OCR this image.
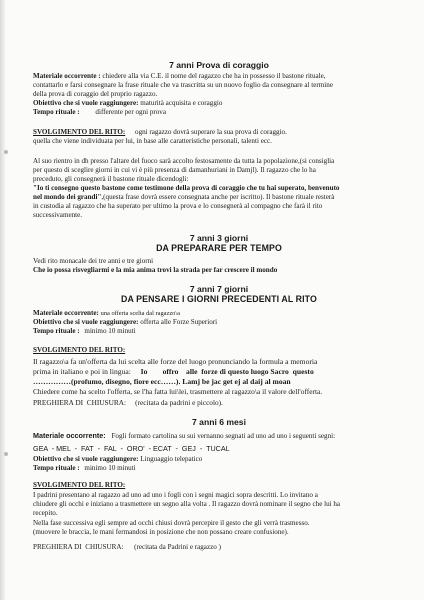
7 anni Prova di coraggio
Materiale occorrente : chiedere alla via C.E. il nome del ragazzo che ha in possesso il bastone rituale,
contattarlo e farsi consegnare la frase rituale che va trascritta su un nuovo foglio da consegnare al termine
della prova di coraggio del proprio ragazzo.
Obiettivo che si vuole raggiungere: maturità acquisita e coraggio
Tempo rituale : differente per ogni prova
SVOLGIMENTO DEL RITO: ogni ragazzo dovrà superare la sua prova di coraggio.
quella che viene individuata per lui, in base alle caratteristiche personali, talenti ecc.
Al suo rientro in dh presso l'altare del fuoco sarà accolto festosamente da tutta la popolazione,(si consiglia
per questo di sceglire giorni in cui vi è più presenza di damanhuriani in Damjl). Il ragazzo che lo ha
preceduto, gli consegnerà il bastone rituale dicendogli:
"Io ti consegno questo bastone come testimone della prova di coraggio che tu hai superato, benvenuto
nel mondo dei grandi",(questa frase dovrà essere consegnata anche per iscritto). Il bastone rituale resterà
in custodia al ragazzo che ha superato per ultimo la prova e lo consegnerà al compagno che farà il rito
successivamente.
7 anni 3 giorni
DA PREPARARE PER TEMPO
Vedi rito monacale dei tre anni e tre giorni
Che io possa risvegliarmi e la mia anima trovi la strada per far crescere il mondo
7 anni 7 giorni
DA PENSARE I GIORNI PRECEDENTI AL RITO
Materiale occorrente: una offerta scelta dal ragazzo\a
Obiettivo che si vuole raggiungere: offerta alle Forze Superiori
Tempo rituale : minimo 10 minuti
SVOLGIMENTO DEL RITO:
Il ragazzo\a fa un'offerta da lui scelta alle forze del luogo pronunciando la formula a memoria
prima in italiano e poi in lingua: Io        offro    alle  forze di questo luogo Sacro  questo
……………(profumo, disegno, fiore ecc……). Lamj be jac get ej al daij al moan
Chiedere come ha scelto l'offerta, se l'ha fatta lui\lei, trasmettere al ragazzo\a il valore dell'offerta.
PREGHIERA DI  CHIUSURA:     (recitata da padrini e piccolo).
7 anni 6 mesi
Materiale occorrente: Fogli formato cartolina su sui vernanno segnati ad uno ad uno i seguenti segni:
GEA  - MEL  -  FAT  -  FAL  -  ORO'  - ECAT  -  GEJ  -  TUCAL
Obiettivo che si vuole raggiungere: Linguaggio telepatico
Tempo rituale : minimo 10 minuti
SVOLGIMENTO DEL RITO:
I padrini presentano al ragazzo ad uno ad uno i fogli con i segni magici sopra descritti. Lo invitano a
chiudere gli occhi e iniziano a trasmettere un segno alla volta . Il ragazzo dovrà nominare il segno che lui ha
recepito.
Nella fase successiva egli sempre ad occhi chiusi dovrà percepire il gesto che gli verrà trasmesso.
(muovere le braccia, le mani fermandosi in posizione che non possano creare confusione).
PREGHIERA DI  CHIUSURA:      (recitata da Padrini e ragazzo )
